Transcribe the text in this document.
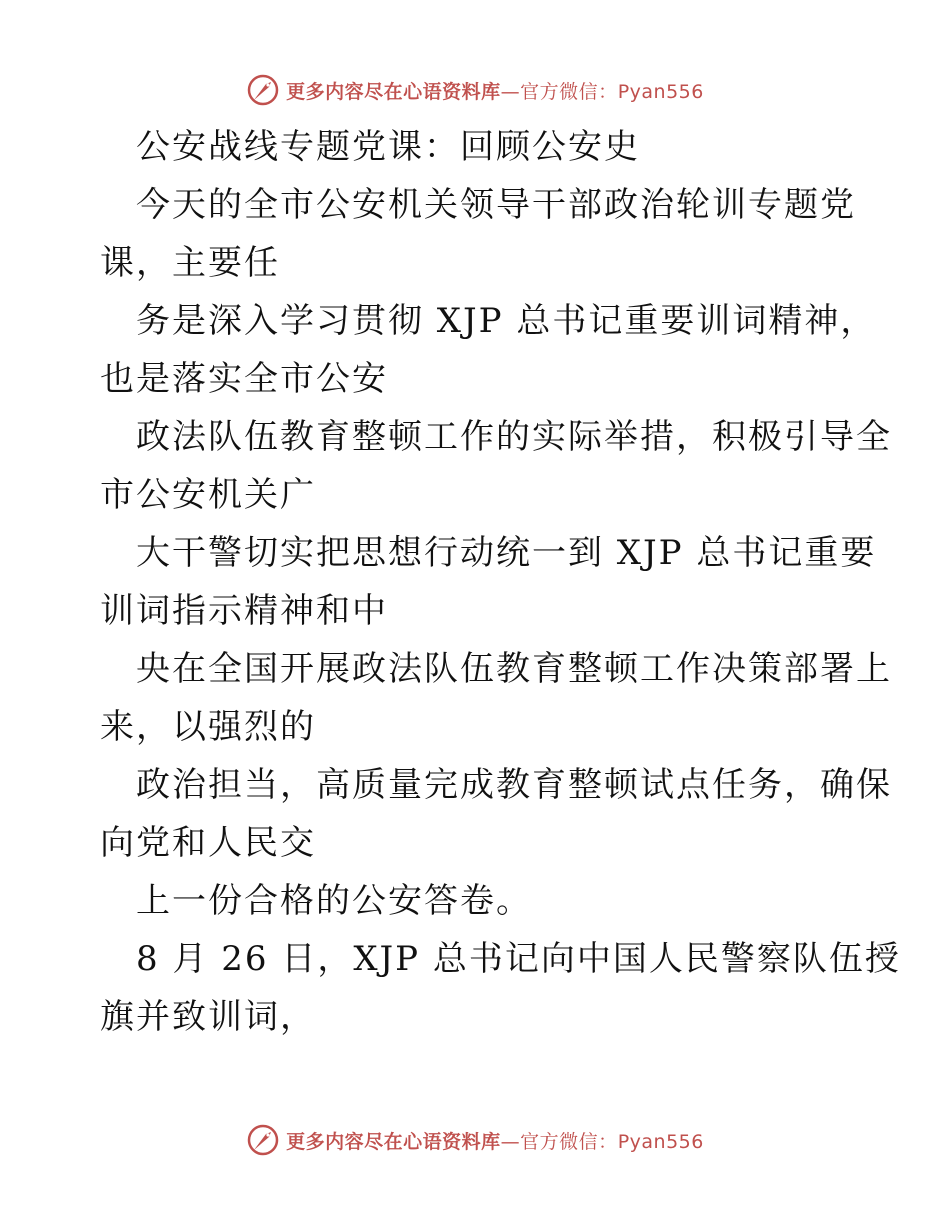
更多内容尽在心语资料库—官方微信：Pyan556
公安战线专题党课：回顾公安史
今天的全市公安机关领导干部政治轮训专题党
课，主要任
务是深入学习贯彻 XJP 总书记重要训词精神，
也是落实全市公安
政法队伍教育整顿工作的实际举措，积极引导全
市公安机关广
大干警切实把思想行动统一到 XJP 总书记重要
训词指示精神和中
央在全国开展政法队伍教育整顿工作决策部署上
来，以强烈的
政治担当，高质量完成教育整顿试点任务，确保
向党和人民交
上一份合格的公安答卷。
8 月 26 日，XJP 总书记向中国人民警察队伍授
旗并致训词，
更多内容尽在心语资料库—官方微信：Pyan556
